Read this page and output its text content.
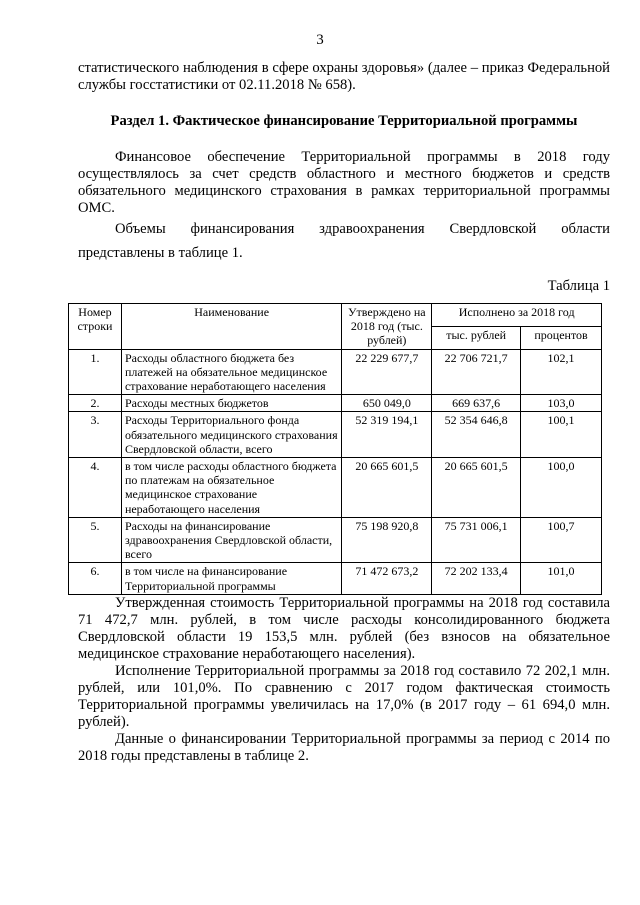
3

статистического наблюдения в сфере охраны здоровья» (далее – приказ Федеральной службы госстатистики от 02.11.2018 № 658).

Раздел 1. Фактическое финансирование Территориальной программы

Финансовое обеспечение Территориальной программы в 2018 году осуществлялось за счет средств областного и местного бюджетов и средств обязательного медицинского страхования в рамках территориальной программы ОМС.

Объемы финансирования здравоохранения Свердловской области представлены в таблице 1.

Таблица 1

Номер строки	Наименование	Утверждено на 2018 год (тыс. рублей)	Исполнено за 2018 год	
			тыс. рублей	процентов
1.	Расходы областного бюджета без платежей на обязательное медицинское страхование неработающего населения	22 229 677,7	22 706 721,7	102,1
2.	Расходы местных бюджетов	650 049,0	669 637,6	103,0
3.	Расходы Территориального фонда обязательного медицинского страхования Свердловской области, всего	52 319 194,1	52 354 646,8	100,1
4.	в том числе расходы областного бюджета по платежам на обязательное медицинское страхование неработающего населения	20 665 601,5	20 665 601,5	100,0
5.	Расходы на финансирование здравоохранения Свердловской области, всего	75 198 920,8	75 731 006,1	100,7
6.	в том числе на финансирование Территориальной программы	71 472 673,2	72 202 133,4	101,0

Утвержденная стоимость Территориальной программы на 2018 год составила 71 472,7 млн. рублей, в том числе расходы консолидированного бюджета Свердловской области 19 153,5 млн. рублей (без взносов на обязательное медицинское страхование неработающего населения).

Исполнение Территориальной программы за 2018 год составило 72 202,1 млн. рублей, или 101,0%. По сравнению с 2017 годом фактическая стоимость Территориальной программы увеличилась на 17,0% (в 2017 году – 61 694,0 млн. рублей).

Данные о финансировании Территориальной программы за период с 2014 по 2018 годы представлены в таблице 2.
